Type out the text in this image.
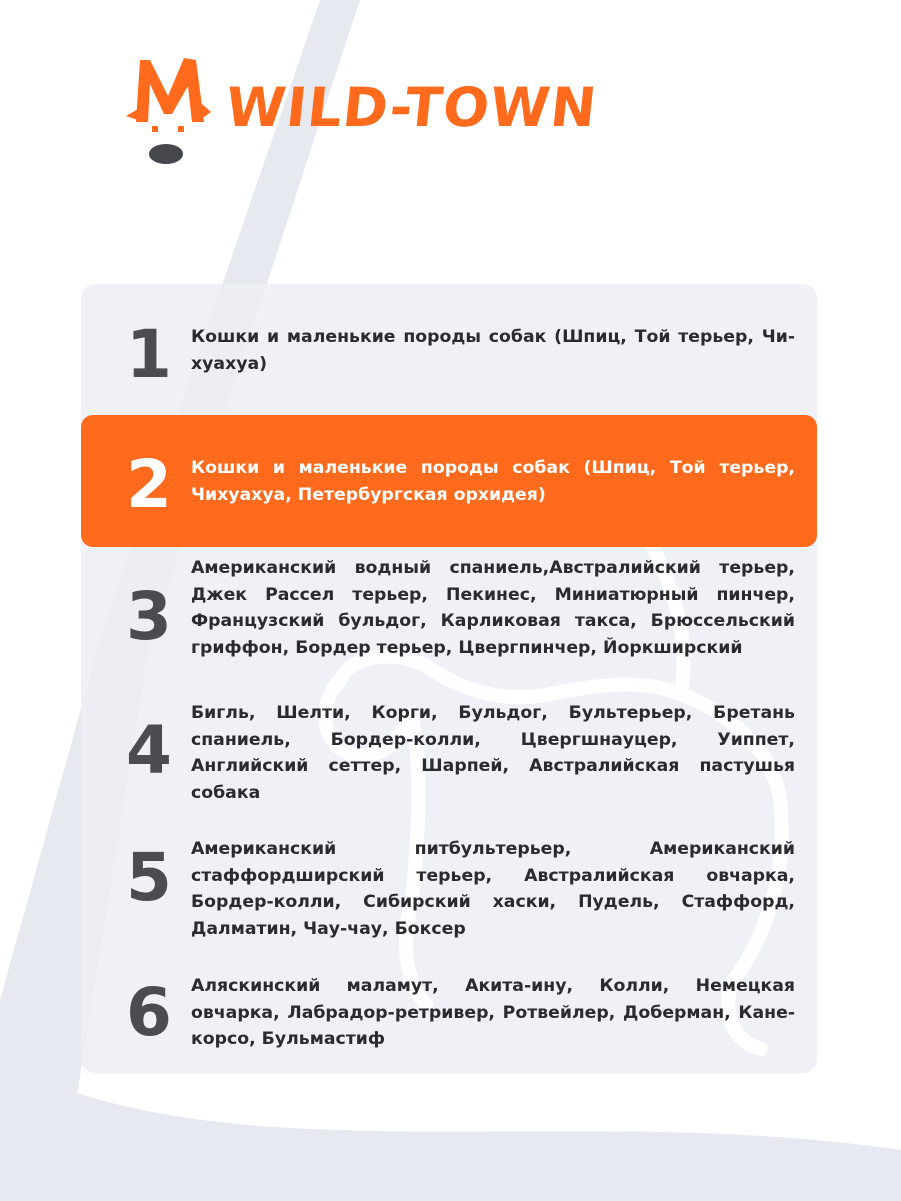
WILD-TOWN
1 Кошки и маленькие породы собак (Шпиц, Той терьер, Чи-хуахуа)
2 Кошки и маленькие породы собак (Шпиц, Той терьер, Чихуахуа, Петербургская орхидея)
3
Американский водный спаниель,Австралийский терьер, Джек Рассел терьер, Пекинес, Миниатюрный пинчер, Французский бульдог, Карликовая такса, Брюссельский гриффон, Бордер терьер, Цвергпинчер, Йоркширский
4 Бигль, Шелти, Корги, Бульдог, Бультерьер, Бретань спаниель, Бордер-колли, Цвергшнауцер, Уиппет, Английский сеттер, Шарпей, Австралийская пастушья собака
5 Американский питбультерьер, Американский стаффордширский терьер, Австралийская овчарка, Бордер-колли, Сибирский хаски, Пудель, Стаффорд, Далматин, Чау-чау, Боксер
6 Аляскинский маламут, Акита-ину, Колли, Немецкая овчарка, Лабрадор-ретривер, Ротвейлер, Доберман, Кане-корсо, Бульмастиф
